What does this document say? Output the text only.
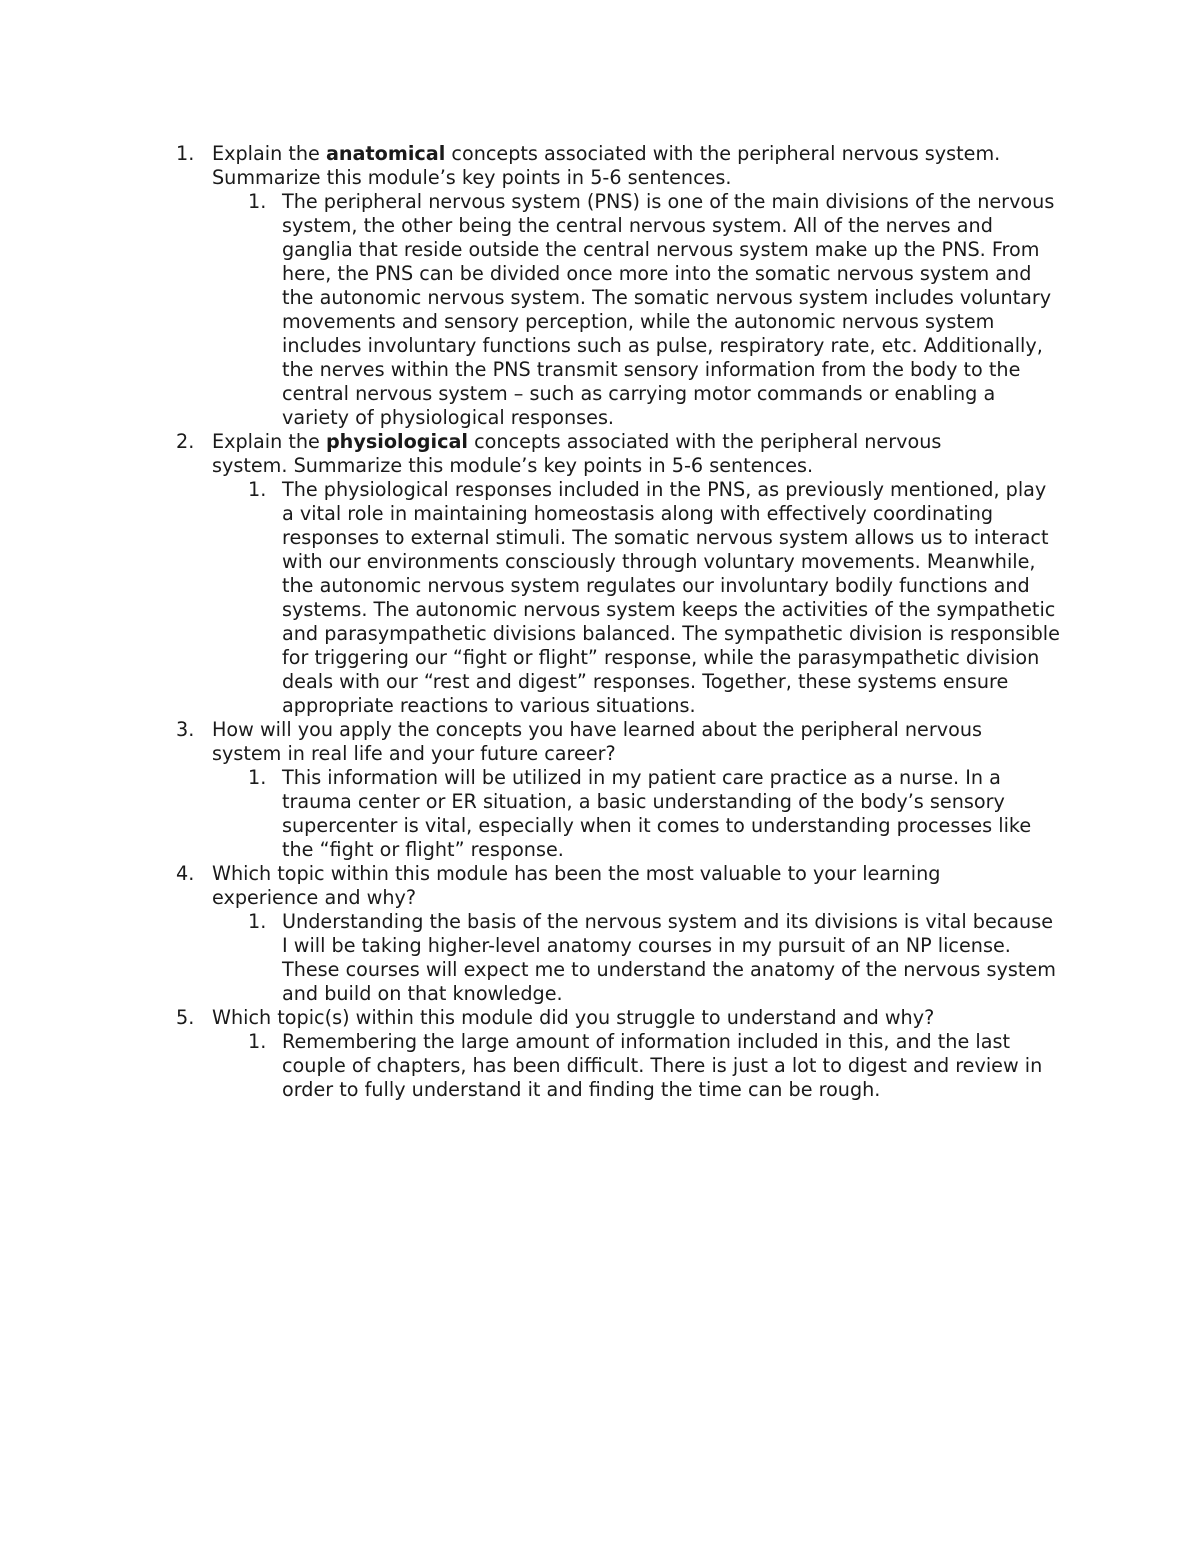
1. Explain the anatomical concepts associated with the peripheral nervous system. Summarize this module’s key points in 5-6 sentences.
1. The peripheral nervous system (PNS) is one of the main divisions of the nervous system, the other being the central nervous system. All of the nerves and ganglia that reside outside the central nervous system make up the PNS. From here, the PNS can be divided once more into the somatic nervous system and the autonomic nervous system. The somatic nervous system includes voluntary movements and sensory perception, while the autonomic nervous system includes involuntary functions such as pulse, respiratory rate, etc. Additionally, the nerves within the PNS transmit sensory information from the body to the central nervous system – such as carrying motor commands or enabling a variety of physiological responses.
2. Explain the physiological concepts associated with the peripheral nervous system. Summarize this module’s key points in 5-6 sentences.
1. The physiological responses included in the PNS, as previously mentioned, play a vital role in maintaining homeostasis along with effectively coordinating responses to external stimuli. The somatic nervous system allows us to interact with our environments consciously through voluntary movements. Meanwhile, the autonomic nervous system regulates our involuntary bodily functions and systems. The autonomic nervous system keeps the activities of the sympathetic and parasympathetic divisions balanced. The sympathetic division is responsible for triggering our “fight or flight” response, while the parasympathetic division deals with our “rest and digest” responses. Together, these systems ensure appropriate reactions to various situations.
3. How will you apply the concepts you have learned about the peripheral nervous system in real life and your future career?
1. This information will be utilized in my patient care practice as a nurse. In a trauma center or ER situation, a basic understanding of the body’s sensory supercenter is vital, especially when it comes to understanding processes like the “fight or flight” response.
4. Which topic within this module has been the most valuable to your learning experience and why?
1. Understanding the basis of the nervous system and its divisions is vital because I will be taking higher-level anatomy courses in my pursuit of an NP license. These courses will expect me to understand the anatomy of the nervous system and build on that knowledge.
5. Which topic(s) within this module did you struggle to understand and why?
1. Remembering the large amount of information included in this, and the last couple of chapters, has been difficult. There is just a lot to digest and review in order to fully understand it and finding the time can be rough.
